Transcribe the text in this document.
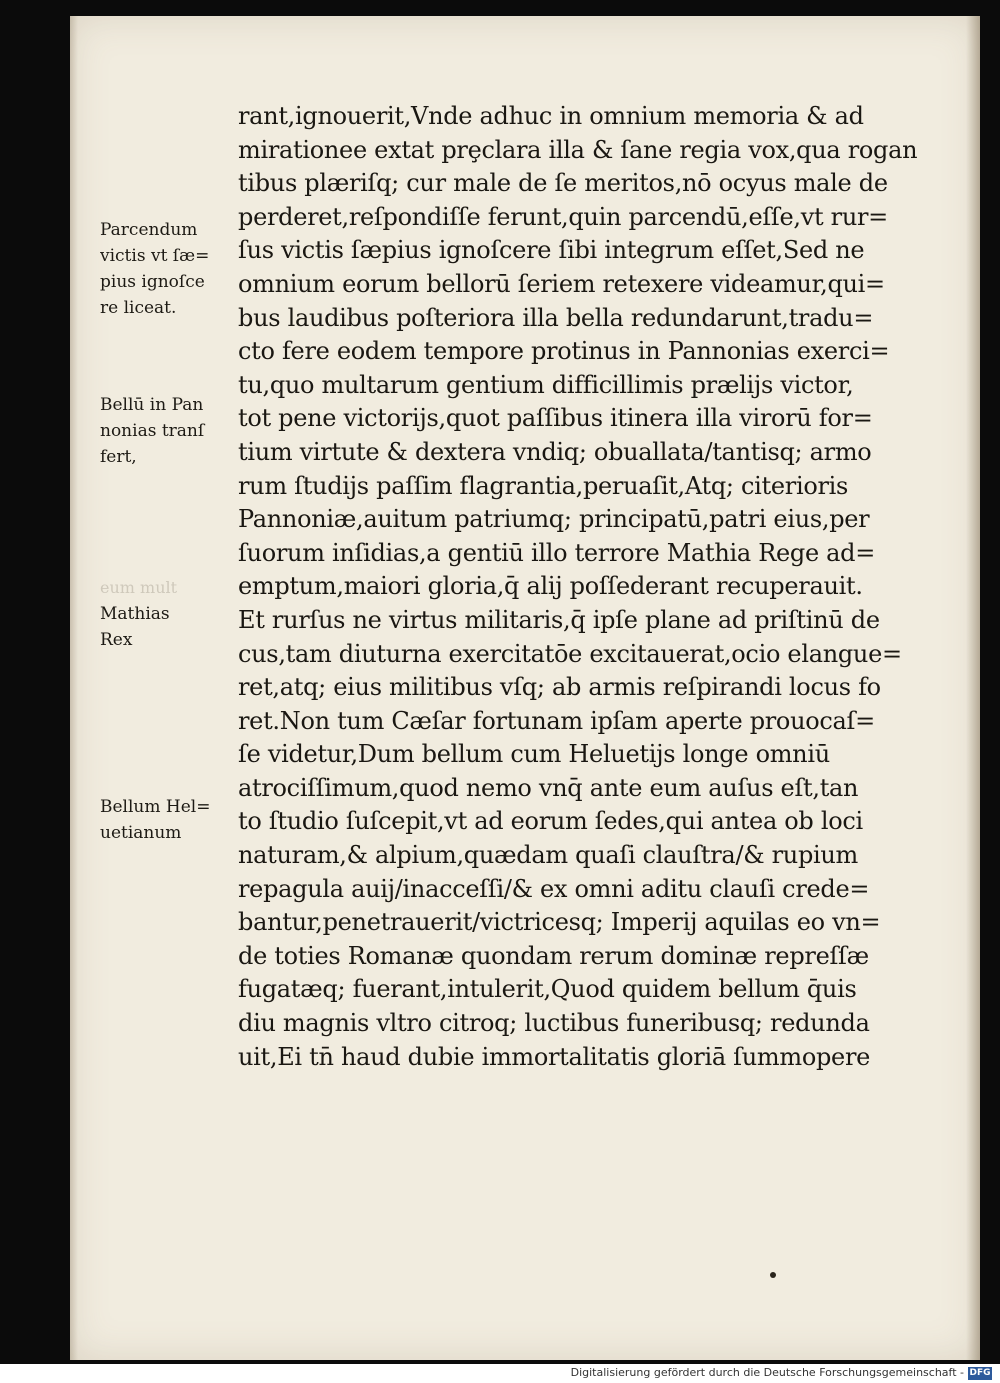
Parcendum
victis vt ſæ=
pius ignoſce
re liceat.
Bellū in Pan
nonias tranſ
fert,
eum mult
Mathias
Rex
Bellum Hel=
uetianum
rant,ignouerit,Vnde adhuc in omnium memoria & ad
mirationee extat prȩclara illa & ſane regia vox,qua rogan
tibus plæriſq; cur male de ſe meritos,nō ocyus male de
perderet,reſpondiſſe ferunt,quin parcendū,eſſe,vt rur=
ſus victis ſæpius ignoſcere ſibi integrum eſſet,Sed ne
omnium eorum bellorū ſeriem retexere videamur,qui=
bus laudibus poſteriora illa bella redundarunt,tradu=
cto fere eodem tempore protinus in Pannonias exerci=
tu,quo multarum gentium difficillimis prælijs victor,
tot pene victorijs,quot paſſibus itinera illa virorū for=
tium virtute & dextera vndiq; obuallata/tantisq; armo
rum ſtudijs paſſim flagrantia,peruaſit,Atq; citerioris
Pannoniæ,auitum patriumq; principatū,patri eius,per
ſuorum inſidias,a gentiū illo terrore Mathia Rege ad=
emptum,maiori gloria,q̄ alij poſſederant recuperauit.
Et rurſus ne virtus militaris,q̄ ipſe plane ad priſtinū de
cus,tam diuturna exercitatōe excitauerat,ocio elangue=
ret,atq; eius militibus vſq; ab armis reſpirandi locus fo
ret.Non tum Cæſar fortunam ipſam aperte prouocaſ=
ſe videtur,Dum bellum cum Heluetijs longe omniū
atrociſſimum,quod nemo vnq̄ ante eum auſus eſt,tan
to ſtudio ſuſcepit,vt ad eorum ſedes,qui antea ob loci
naturam,& alpium,quædam quaſi clauſtra/& rupium
repagula auij/inacceſſi/& ex omni aditu clauſi crede=
bantur,penetrauerit/victricesq; Imperij aquilas eo vn=
de toties Romanæ quondam rerum dominæ repreſſæ
fugatæq; fuerant,intulerit,Quod quidem bellum q̄uis
diu magnis vltro citroq; luctibus funeribusq; redunda
uit,Ei tn̄ haud dubie immortalitatis gloriā ſummopere
Digitalisierung gefördert durch die Deutsche Forschungsgemeinschaft - DFG
